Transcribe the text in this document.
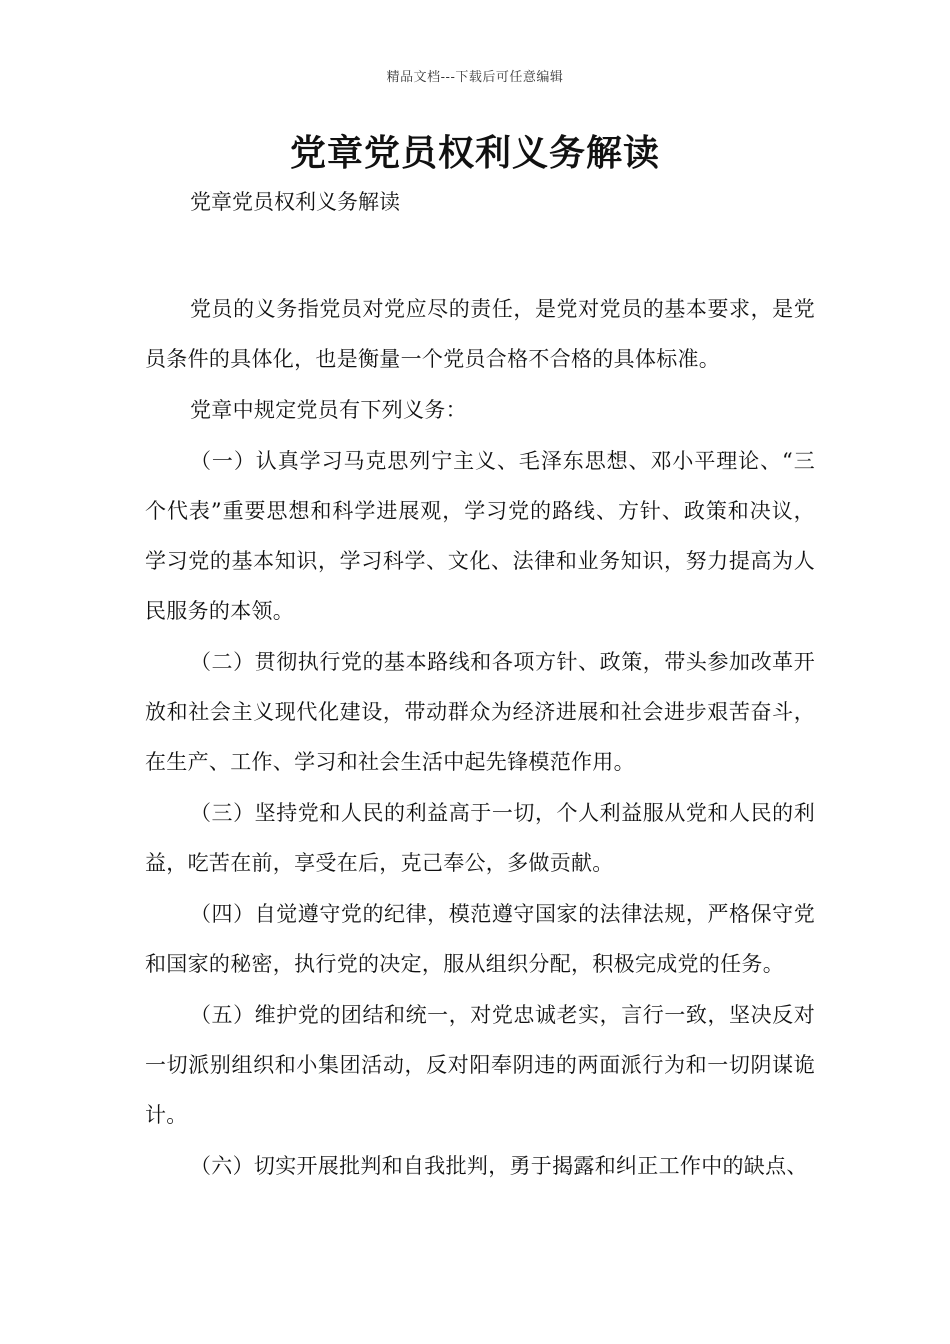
精品文档---下载后可任意编辑
党章党员权利义务解读

党章党员权利义务解读

党员的义务指党员对党应尽的责任，是党对党员的基本要求，是党员条件的具体化，也是衡量一个党员合格不合格的具体标准。

党章中规定党员有下列义务：

（一）认真学习马克思列宁主义、毛泽东思想、邓小平理论、“三个代表”重要思想和科学进展观，学习党的路线、方针、政策和决议，学习党的基本知识，学习科学、文化、法律和业务知识，努力提高为人民服务的本领。

（二）贯彻执行党的基本路线和各项方针、政策，带头参加改革开放和社会主义现代化建设，带动群众为经济进展和社会进步艰苦奋斗，在生产、工作、学习和社会生活中起先锋模范作用。

（三）坚持党和人民的利益高于一切，个人利益服从党和人民的利益，吃苦在前，享受在后，克己奉公，多做贡献。

（四）自觉遵守党的纪律，模范遵守国家的法律法规，严格保守党和国家的秘密，执行党的决定，服从组织分配，积极完成党的任务。

（五）维护党的团结和统一，对党忠诚老实，言行一致，坚决反对一切派别组织和小集团活动，反对阳奉阴违的两面派行为和一切阴谋诡计。

（六）切实开展批判和自我批判，勇于揭露和纠正工作中的缺点、
